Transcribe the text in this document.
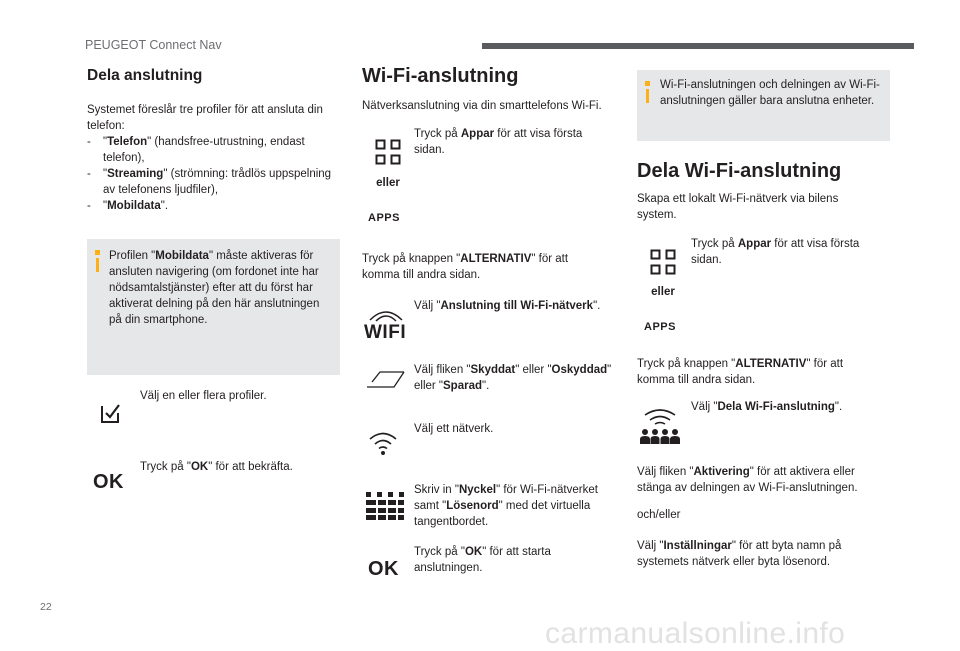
PEUGEOT Connect Nav
Dela anslutning
Systemet föreslår tre profiler för att ansluta din telefon:
- "Telefon" (handsfree-utrustning, endast telefon),
- "Streaming" (strömning: trådlös uppspelning av telefonens ljudfiler),
- "Mobildata".
Profilen "Mobildata" måste aktiveras för ansluten navigering (om fordonet inte har nödsamtalstjänster) efter att du först har aktiverat delning på den här anslutningen på din smartphone.
Välj en eller flera profiler.
OK
Tryck på "OK" för att bekräfta.
Wi-Fi-anslutning
Nätverksanslutning via din smarttelefons Wi-Fi.
Tryck på Appar för att visa första sidan.
eller
APPS
Tryck på knappen "ALTERNATIV" för att komma till andra sidan.
WIFI
Välj "Anslutning till Wi-Fi-nätverk".
Välj fliken "Skyddat" eller "Oskyddad" eller "Sparad".
Välj ett nätverk.
Skriv in "Nyckel" för Wi-Fi-nätverket samt "Lösenord" med det virtuella tangentbordet.
OK
Tryck på "OK" för att starta anslutningen.
Wi-Fi-anslutningen och delningen av Wi-Fi-anslutningen gäller bara anslutna enheter.
Dela Wi-Fi-anslutning
Skapa ett lokalt Wi-Fi-nätverk via bilens system.
Tryck på Appar för att visa första sidan.
eller
APPS
Tryck på knappen "ALTERNATIV" för att komma till andra sidan.
Välj "Dela Wi-Fi-anslutning".
Välj fliken "Aktivering" för att aktivera eller stänga av delningen av Wi-Fi-anslutningen.
och/eller
Välj "Inställningar" för att byta namn på systemets nätverk eller byta lösenord.
22
carmanualsonline.info
